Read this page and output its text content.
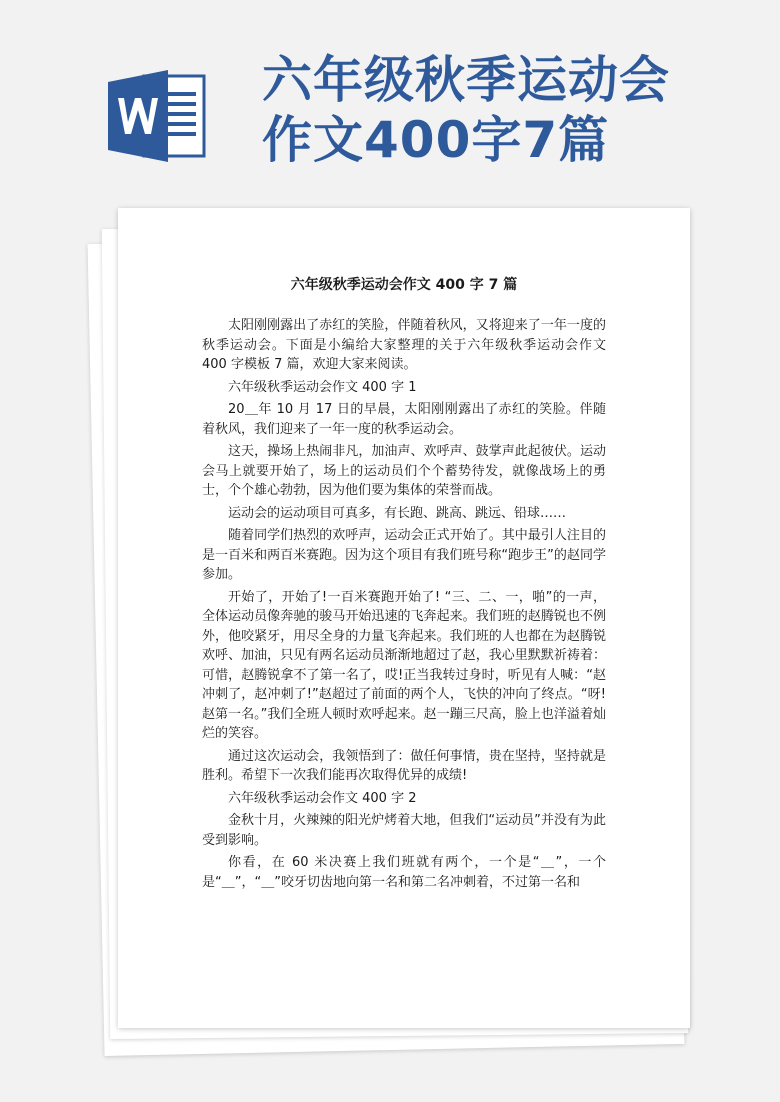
六年级秋季运动会
作文400字7篇
六年级秋季运动会作文 400 字 7 篇

太阳刚刚露出了赤红的笑脸，伴随着秋风，又将迎来了一年一度的秋季运动会。下面是小编给大家整理的关于六年级秋季运动会作文 400 字模板 7 篇，欢迎大家来阅读。

六年级秋季运动会作文 400 字 1

20＿年 10 月 17 日的早晨，太阳刚刚露出了赤红的笑脸。伴随着秋风，我们迎来了一年一度的秋季运动会。

这天，操场上热闹非凡，加油声、欢呼声、鼓掌声此起彼伏。运动会马上就要开始了，场上的运动员们个个蓄势待发，就像战场上的勇士，个个雄心勃勃，因为他们要为集体的荣誉而战。

运动会的运动项目可真多，有长跑、跳高、跳远、铅球……

随着同学们热烈的欢呼声，运动会正式开始了。其中最引人注目的是一百米和两百米赛跑。因为这个项目有我们班号称“跑步王”的赵同学参加。

开始了，开始了!一百米赛跑开始了! “三、二、一，啪”的一声，全体运动员像奔驰的骏马开始迅速的飞奔起来。我们班的赵腾锐也不例外，他咬紧牙，用尽全身的力量飞奔起来。我们班的人也都在为赵腾锐欢呼、加油，只见有两名运动员渐渐地超过了赵，我心里默默祈祷着：可惜，赵腾锐拿不了第一名了，哎!正当我转过身时，听见有人喊：“赵冲刺了，赵冲刺了!”赵超过了前面的两个人，飞快的冲向了终点。“呀!赵第一名。”我们全班人顿时欢呼起来。赵一蹦三尺高，脸上也洋溢着灿烂的笑容。

通过这次运动会，我领悟到了：做任何事情，贵在坚持，坚持就是胜利。希望下一次我们能再次取得优异的成绩!

六年级秋季运动会作文 400 字 2

金秋十月，火辣辣的阳光炉烤着大地，但我们“运动员”并没有为此受到影响。

你看，在 60 米决赛上我们班就有两个，一个是“＿”，一个是“＿”，“＿”咬牙切齿地向第一名和第二名冲刺着，不过第一名和
